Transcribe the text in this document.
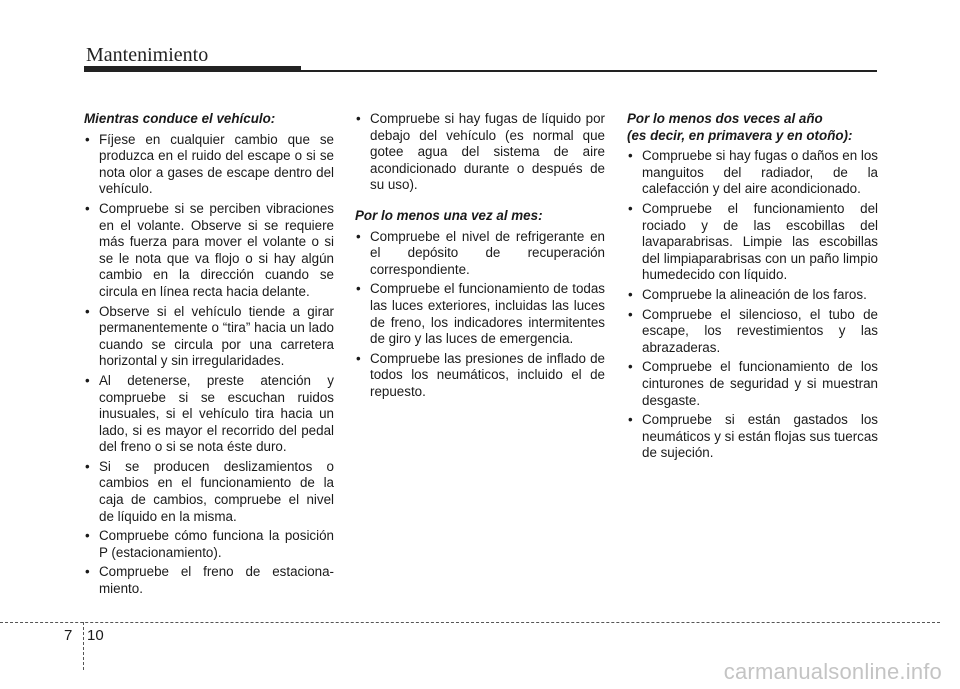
Mantenimiento

Mientras conduce el vehículo:

• Fíjese en cualquier cambio que se produzca en el ruido del escape o si se nota olor a gases de escape dentro del vehículo.
• Compruebe si se perciben vibraciones en el volante. Observe si se requiere más fuerza para mover el volante o si se le nota que va flojo o si hay algún cambio en la dirección cuando se circula en línea recta hacia delante.
• Observe si el vehículo tiende a girar permanentemente o “tira” hacia un lado cuando se circula por una carretera horizontal y sin irregularidades.
• Al detenerse, preste atención y compruebe si se escuchan ruidos inusuales, si el vehículo tira hacia un lado, si es mayor el recorrido del pedal del freno o si se nota éste duro.
• Si se producen deslizamientos o cambios en el funcionamiento de la caja de cambios, compruebe el nivel de líquido en la misma.
• Compruebe cómo funciona la posición P (estacionamiento).
• Compruebe el freno de estaciona-miento.
• Compruebe si hay fugas de líquido por debajo del vehículo (es normal que gotee agua del sistema de aire acondicionado durante o después de su uso).

Por lo menos una vez al mes:

• Compruebe el nivel de refrigerante en el depósito de recuperación correspondiente.
• Compruebe el funcionamiento de todas las luces exteriores, incluidas las luces de freno, los indicadores intermitentes de giro y las luces de emergencia.
• Compruebe las presiones de inflado de todos los neumáticos, incluido el de repuesto.

Por lo menos dos veces al año
(es decir, en primavera y en otoño):

• Compruebe si hay fugas o daños en los manguitos del radiador, de la calefacción y del aire acondicionado.
• Compruebe el funcionamiento del rociado y de las escobillas del lavaparabrisas. Limpie las escobillas del limpiaparabrisas con un paño limpio humedecido con líquido.
• Compruebe la alineación de los faros.
• Compruebe el silencioso, el tubo de escape, los revestimientos y las abrazaderas.
• Compruebe el funcionamiento de los cinturones de seguridad y si muestran desgaste.
• Compruebe si están gastados los neumáticos y si están flojas sus tuercas de sujeción.
7 10
carmanualsonline.info
